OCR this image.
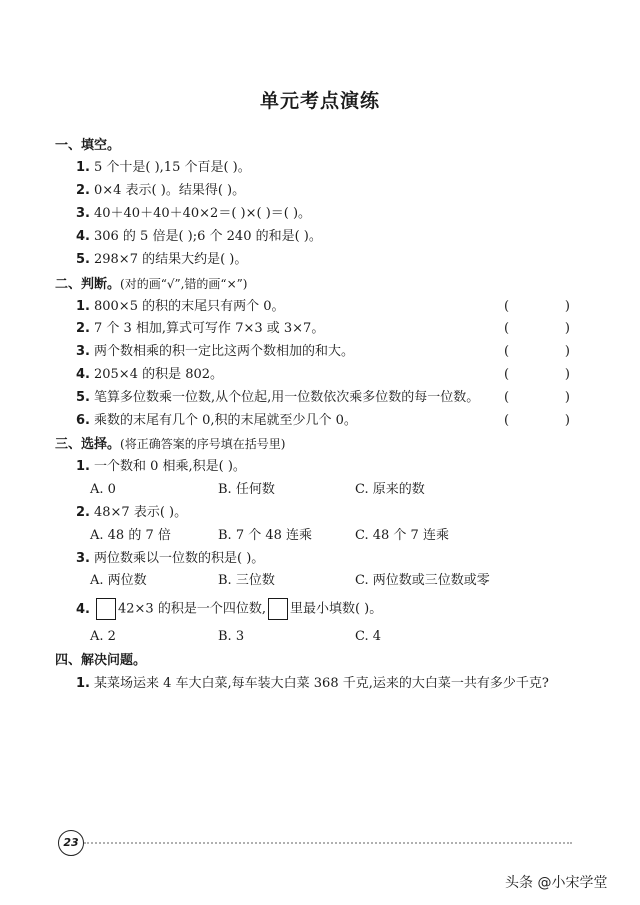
单元考点演练
一、填空。
1. 5 个十是( ),15 个百是( )。
2. 0×4 表示( )。结果得( )。
3. 40＋40＋40＋40×2＝( )×( )＝( )。
4. 306 的 5 倍是( );6 个 240 的和是( )。
5. 298×7 的结果大约是( )。
二、判断。(对的画“√”,错的画“×”)
1. 800×5 的积的末尾只有两个 0。	(	)
2. 7 个 3 相加,算式可写作 7×3 或 3×7。	(	)
3. 两个数相乘的积一定比这两个数相加的和大。	(	)
4. 205×4 的积是 802。	(	)
5. 笔算多位数乘一位数,从个位起,用一位数依次乘多位数的每一位数。 (	)
6. 乘数的末尾有几个 0,积的末尾就至少几个 0。	(	)
三、选择。(将正确答案的序号填在括号里)
1. 一个数和 0 相乘,积是( )。
A. 0	B. 任何数	C. 原来的数
2. 48×7 表示( )。
A. 48 的 7 倍	B. 7 个 48 连乘	C. 48 个 7 连乘
3. 两位数乘以一位数的积是( )。
A. 两位数	B. 三位数	C. 两位数或三位数或零
4. 42×3 的积是一个四位数, 里最小填数( )。
A. 2	B. 3	C. 4
四、解决问题。
1. 某菜场运来 4 车大白菜,每车装大白菜 368 千克,运来的大白菜一共有多少千克?
23
头条 @小宋学堂
